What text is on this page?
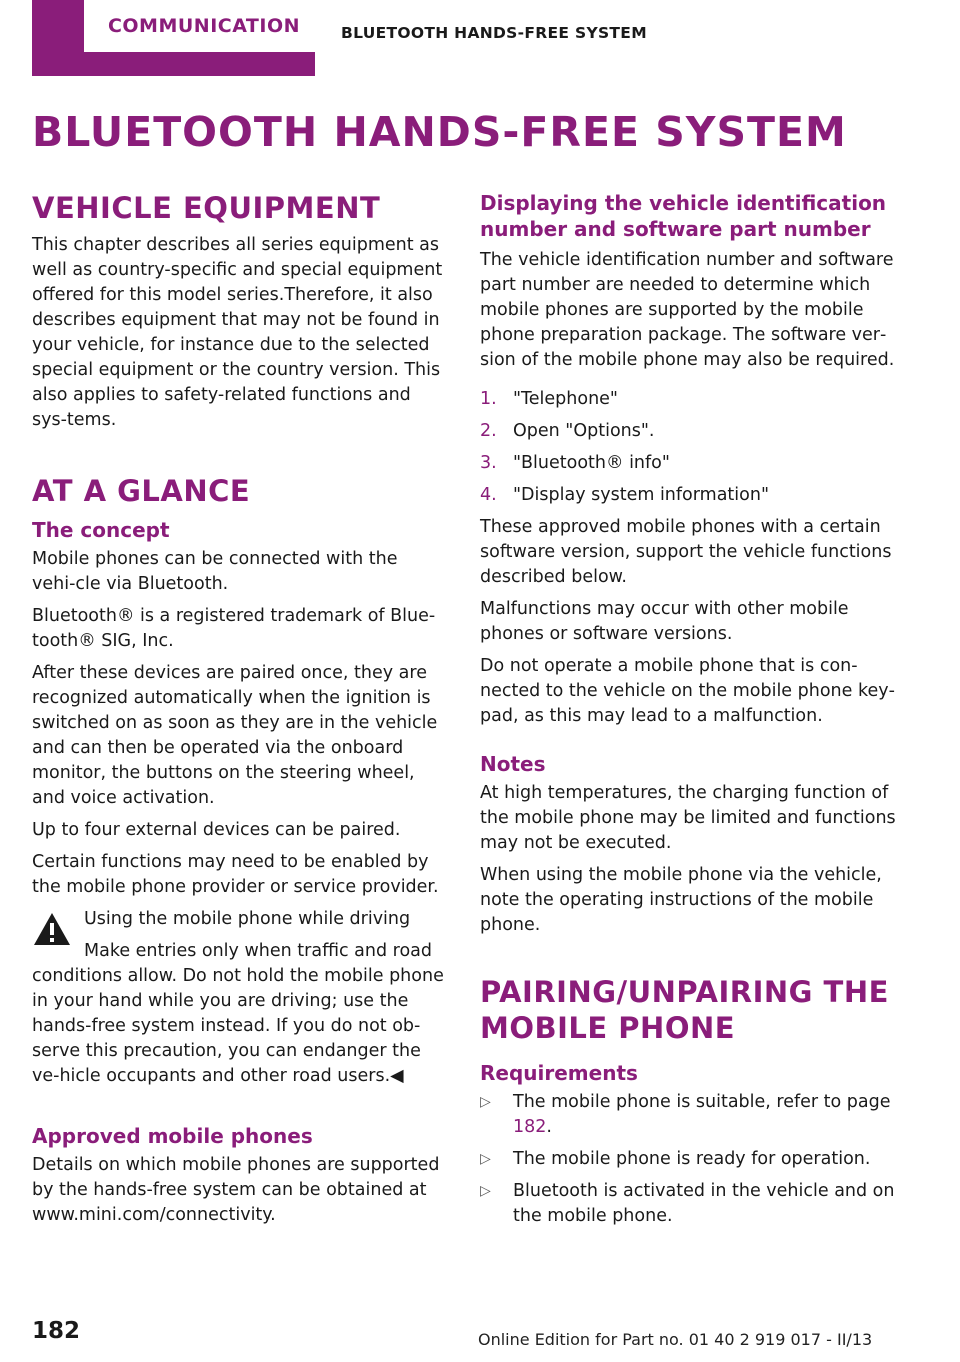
COMMUNICATION	BLUETOOTH HANDS-FREE SYSTEM
BLUETOOTH HANDS-FREE SYSTEM
VEHICLE EQUIPMENT

This chapter describes all series equipment as well as country-specific and special equipment offered for this model series.Therefore, it also describes equipment that may not be found in your vehicle, for instance due to the selected special equipment or the country version. This also applies to safety-related functions and sys‐tems.

AT A GLANCE
The concept

Mobile phones can be connected with the vehi‐cle via Bluetooth.

Bluetooth® is a registered trademark of Blue‐tooth® SIG, Inc.

After these devices are paired once, they are recognized automatically when the ignition is switched on as soon as they are in the vehicle and can then be operated via the onboard monitor, the buttons on the steering wheel, and voice activation.

Up to four external devices can be paired.

Certain functions may need to be enabled by the mobile phone provider or service provider.

Using the mobile phone while driving
Make entries only when traffic and road conditions allow. Do not hold the mobile phone in your hand while you are driving; use the hands-free system instead. If you do not ob‐serve this precaution, you can endanger the ve‐hicle occupants and other road users.◀
Approved mobile phones

Details on which mobile phones are supported by the hands-free system can be obtained at www.mini.com/connectivity.

Displaying the vehicle identification number and software part number

The vehicle identification number and software part number are needed to determine which mobile phones are supported by the mobile phone preparation package. The software ver‐sion of the mobile phone may also be required.

1. "Telephone"
2. Open "Options".
3. "Bluetooth® info"
4. "Display system information"

These approved mobile phones with a certain software version, support the vehicle functions described below.

Malfunctions may occur with other mobile phones or software versions.

Do not operate a mobile phone that is con‐nected to the vehicle on the mobile phone key‐pad, as this may lead to a malfunction.

Notes

At high temperatures, the charging function of the mobile phone may be limited and functions may not be executed.

When using the mobile phone via the vehicle, note the operating instructions of the mobile phone.

PAIRING/UNPAIRING THE
MOBILE PHONE
Requirements
▷	The mobile phone is suitable, refer to page 182.
▷	The mobile phone is ready for operation.
▷	Bluetooth is activated in the vehicle and on the mobile phone.
182	Online Edition for Part no. 01 40 2 919 017 - II/13
